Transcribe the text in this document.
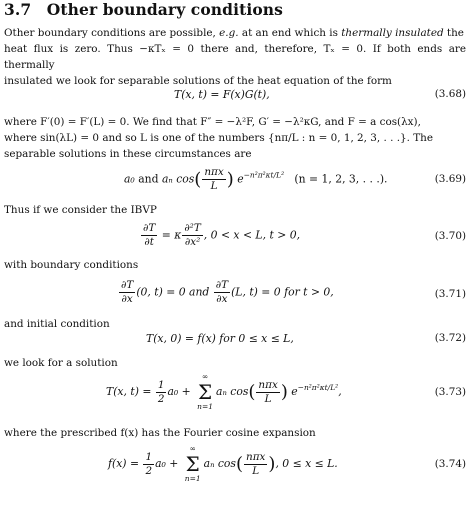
3.7 Other boundary conditions

Other boundary conditions are possible, e.g. at an end which is thermally insulated the

heat flux is zero. Thus −κTₓ = 0 there and, therefore, Tₓ = 0. If both ends are thermally

insulated we look for separable solutions of the heat equation of the form

T(x, t) = F(x)G(t),	(3.68)

where F′(0) = F′(L) = 0. We find that F″ = −λ²F, G′ = −λ²κG, and F = a cos(λx),

where sin(λL) = 0 and so L is one of the numbers {nπ/L : n = 0, 1, 2, 3, . . .}. The

separable solutions in these circumstances are

a₀ and aₙ $\cos( \frac{\text{nπx}}{L}$ ) $e^{-n^2\pi^2\kappa t/L^2}$ (n = 1, 2, 3, . . .).	(3.69)

Thus if we consider the IBVP

$\frac{\partial T}{\partial t} = \kappa \frac{\text{∂²T}}{\text{∂x²}}$ , 0 < x < L, t > 0,	(3.70)

with boundary conditions

$\frac{\partial T}{\partial x} (0$, t) = 0 and $\frac{\partial T}{\partial x} (L$, t) = 0 for t > 0,	(3.71)

and initial condition

T(x, 0) = f(x) for 0 ≤ x ≤ L,	(3.72)

we look for a solution

T(x, $t) = \frac{1}{2} a_0$ +
∞
Σ
n=1
aₙ $\cos( \frac{\text{nπx}}{L}$ ) $e^{-n^2\pi^2\kappa t/L^2}$,	(3.73)

where the prescribed f(x) has the Fourier cosine expansion

$f(x) = \frac{1}{2} a_0$ +
∞
Σ
n=1
aₙ $\cos( \frac{\text{nπx}}{L}$ ), 0 ≤ x ≤ L.	(3.74)
